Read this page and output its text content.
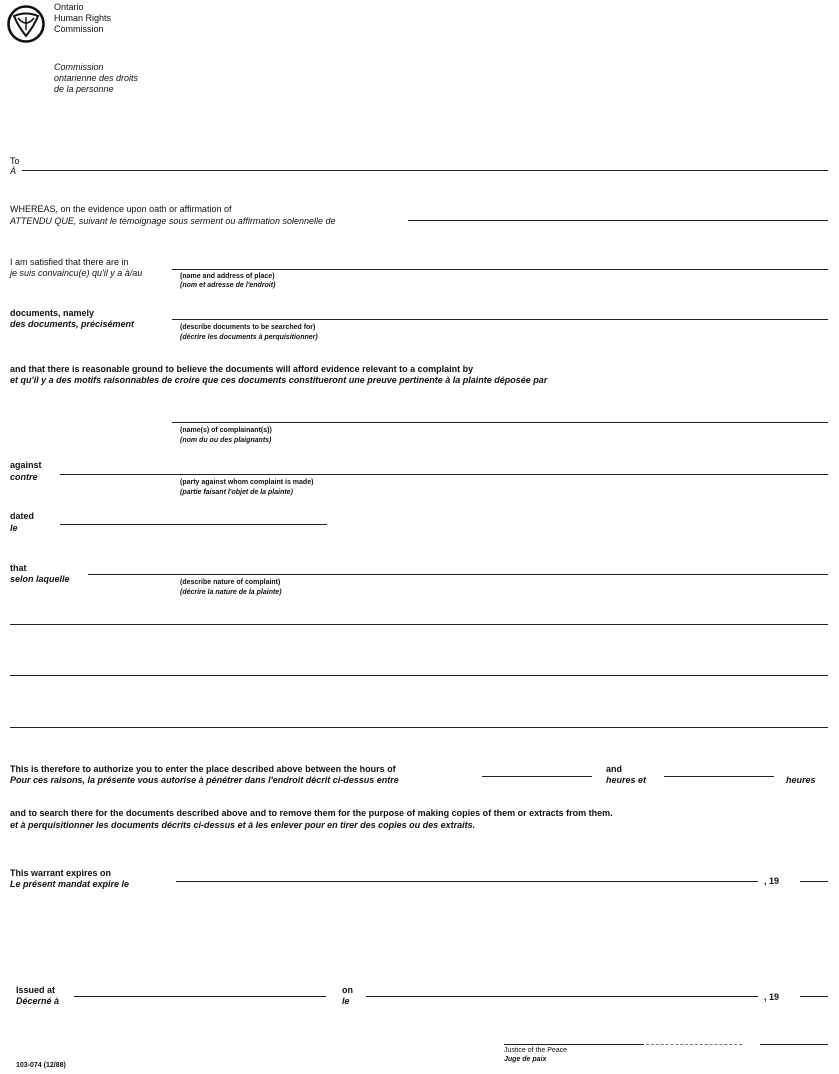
Ontario
Human Rights
Commission
Commission
ontarienne des droits
de la personne
To
À
WHEREAS, on the evidence upon oath or affirmation of
ATTENDU QUE, suivant le témoignage sous serment ou affirmation solennelle de
I am satisfied that there are in
je suis convaincu(e) qu'il y a à/au	(name and address of place)
(nom et adresse de l'endroit)
documents, namely
des documents, précisément	(describe documents to be searched for)
(décrire les documents à perquisitionner)
and that there is reasonable ground to believe the documents will afford evidence relevant to a complaint by
et qu'il y a des motifs raisonnables de croire que ces documents constitueront une preuve pertinente à la plainte déposée par
(name(s) of complainant(s))
(nom du ou des plaignants)
against
contre
(party against whom complaint is made)
(partie faisant l'objet de la plainte)
dated
le
that
selon laquelle	(describe nature of complaint)
(décrire la nature de la plainte)
This is therefore to authorize you to enter the place described above between the hours of
Pour ces raisons, la présente vous autorise à pénétrer dans l'endroit décrit ci-dessus entre
and
heures et	heures
and to search there for the documents described above and to remove them for the purpose of making copies of them or extracts from them.
et à perquisitionner les documents décrits ci-dessus et à les enlever pour en tirer des copies ou des extraits.
This warrant expires on
Le présent mandat expire le	, 19
Issued at
Décerné à
on
le	, 19
Justice of the Peace
Juge de paix
103-074 (12/88)
